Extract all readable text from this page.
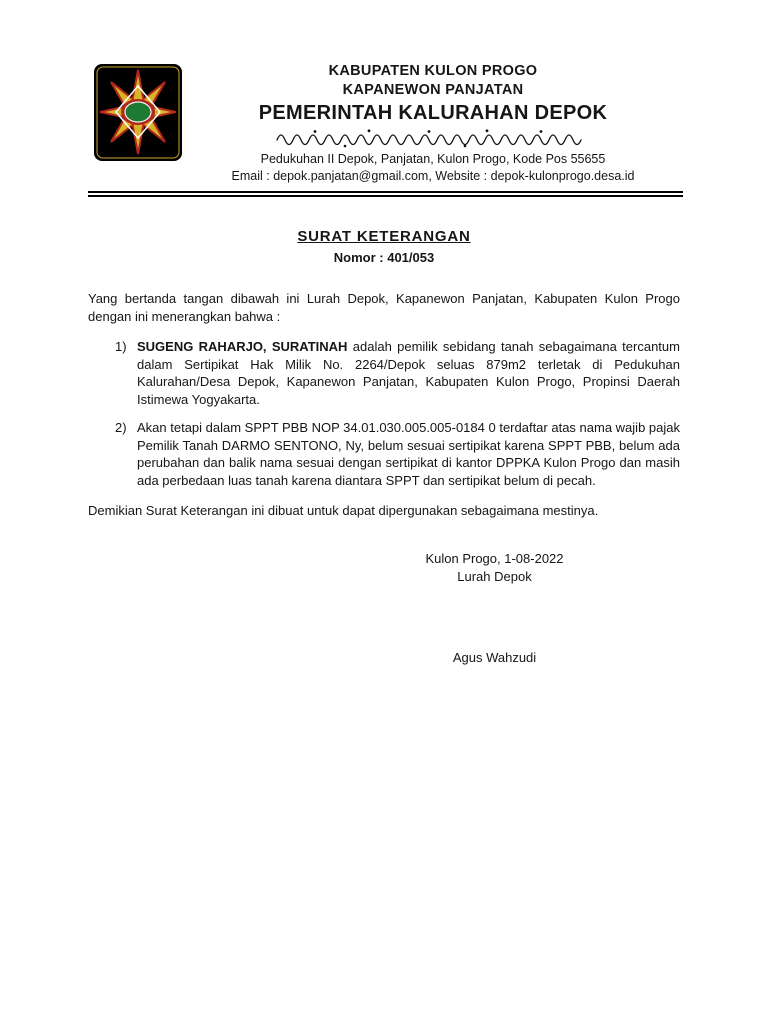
KABUPATEN KULON PROGO
KAPANEWON PANJATAN
PEMERINTAH KALURAHAN DEPOK
Pedukuhan II Depok, Panjatan, Kulon Progo, Kode Pos 55655
Email : depok.panjatan@gmail.com, Website : depok-kulonprogo.desa.id
SURAT KETERANGAN
Nomor : 401/053

Yang bertanda tangan dibawah ini Lurah Depok, Kapanewon Panjatan, Kabupaten Kulon Progo dengan ini menerangkan bahwa :

1) SUGENG RAHARJO, SURATINAH adalah pemilik sebidang tanah sebagaimana tercantum dalam Sertipikat Hak Milik No. 2264/Depok seluas 879m2 terletak di Pedukuhan Kalurahan/Desa Depok, Kapanewon Panjatan, Kabupaten Kulon Progo, Propinsi Daerah Istimewa Yogyakarta.
2) Akan tetapi dalam SPPT PBB NOP 34.01.030.005.005-0184 0 terdaftar atas nama wajib pajak Pemilik Tanah DARMO SENTONO, Ny, belum sesuai sertipikat karena SPPT PBB, belum ada perubahan dan balik nama sesuai dengan sertipikat di kantor DPPKA Kulon Progo dan masih ada perbedaan luas tanah karena diantara SPPT dan sertipikat belum di pecah.

Demikian Surat Keterangan ini dibuat untuk dapat dipergunakan sebagaimana mestinya.

Kulon Progo, 1-08-2022
Lurah Depok
Agus Wahzudi
